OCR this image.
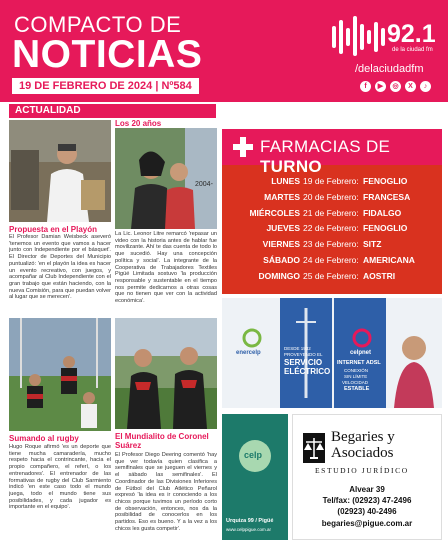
COMPACTO DE
NOTICIAS
19 DE FEBRERO DE 2024 | Nº584
92.1
de la ciudad fm
/delaciudadfm
f	▶	◎	X	♪
ACTUALIDAD
Propuesta en el Playón
El Profesor Damian Weisbeck aseveró 'tenemos un evento que vamos a hacer junto con Independiente por el básquet'. El Director de Deportes del Municipio puntualizó: 'en el playón la idea es hacer un evento recreativo, con juegos, y acompañar al Club Independiente con el gran trabajo que están haciendo, con la nueva Comisión, para que puedan volver al lugar que se merecen'.
Los 20 años
2004-
La Lic. Leonor Litre remarcó 'repasar un video con la historia antes de hablar fue movilizante. Ahí te das cuenta de todo lo que sucedió. Hay una concepción política y social'. La integrante de la Cooperativa de Trabajadores Textiles Pigüé Limitada sostuvo 'la producción responsable y sustentable en el tiempo nos permite dedicarnos a otras cosas que no tienen que ver con la actividad económica'.
Sumando al rugby
Hugo Roque afirmó 'es un deporte que tiene mucha camaradería, mucho respeto hacia el contrincante, hacia el propio compañero, el referí, o los entrenadores'. El entrenador de las formativas de rugby del Club Sarmiento indicó 'en este caso todo el mundo juega, todo el mundo tiene sus posibilidades, y cada jugador es importante en el equipo'.
El Mundialito de Coronel Suárez
El Profesor Diego Deering comentó 'hay que ver todavía quien clasifica a semifinales que se jueguen el viernes y el sábado las semifinales'. El Coordinador de las Divisiones Inferiores de Fútbol del Club Atlético Peñarol expresó 'la idea es ir conociendo a los chicos porque tuvimos un período corto de observación, entonces, nos da la posibilidad de conocerlos en los partidos. Eso es bueno. Y a la vez a los chicos les gusta competir'.
FARMACIAS DE TURNO
LUNES 19 de Febrero: FENOGLIO
MARTES 20 de Febrero: FRANCESA
MIÉRCOLES 21 de Febrero: FIDALGO
JUEVES 22 de Febrero: FENOGLIO
VIERNES 23 de Febrero: SITZ
SÁBADO 24 de Febrero: AMERICANA
DOMINGO 25 de Febrero: AOSTRI
enercelp
DESDE 1932
PROVEYENDO EL
SERVICIO
ELÉCTRICO
celpnet
INTERNET ADSL
CONEXIÓN
SIN LÍMITE
VELOCIDAD
ESTABLE
celp
Urquiza 99 / Pigüé
www.celppigue.com.ar
Begaries y
Asociados
ESTUDIO JURÍDICO
Alvear 39
Tel/fax: (02923) 47-2496
(02923) 40-2496
begaries@pigue.com.ar
